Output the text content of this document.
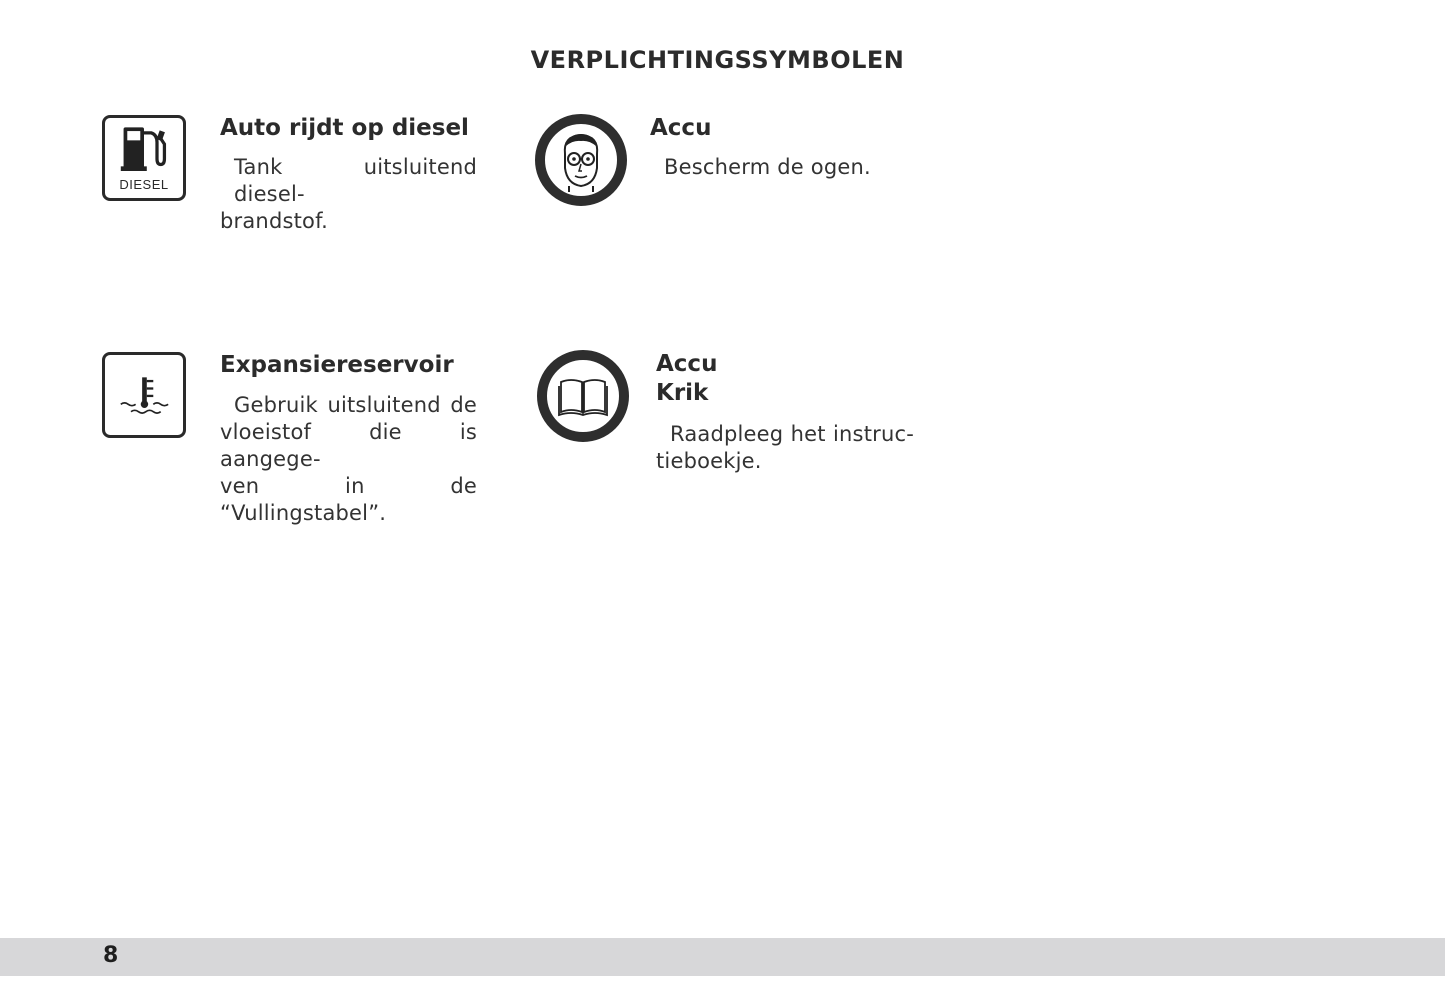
VERPLICHTINGSSYMBOLEN
DIESEL
Auto rijdt op diesel
Tank uitsluitend diesel-
brandstof.
Accu
Bescherm de ogen.
Expansiereservoir
Gebruik uitsluitend de
vloeistof die is aangege-
ven in de “Vullingstabel”.
Accu
Krik
Raadpleeg het instruc-
tieboekje.
8
